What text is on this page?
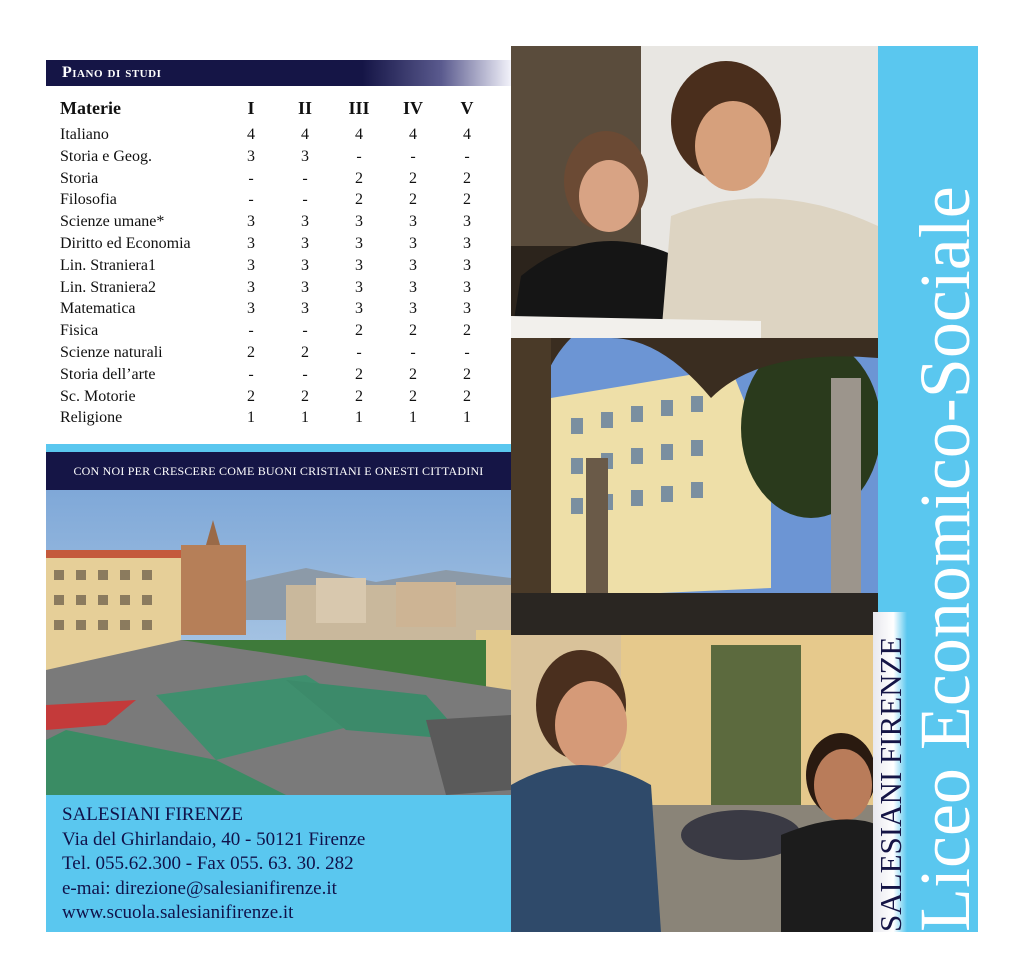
Piano di studi
Materie	I	II	III	IV	V
Italiano	4	4	4	4	4
Storia e Geog.	3	3	-	-	-
Storia	-	-	2	2	2
Filosofia	-	-	2	2	2
Scienze umane*	3	3	3	3	3
Diritto ed Economia	3	3	3	3	3
Lin. Straniera1	3	3	3	3	3
Lin. Straniera2	3	3	3	3	3
Matematica	3	3	3	3	3
Fisica	-	-	2	2	2
Scienze naturali	2	2	-	-	-
Storia dell’arte	-	-	2	2	2
Sc. Motorie	2	2	2	2	2
Religione	1	1	1	1	1
CON NOI PER CRESCERE COME BUONI CRISTIANI E ONESTI CITTADINI
SALESIANI FIRENZE
Via del Ghirlandaio, 40 - 50121 Firenze
Tel. 055.62.300 - Fax 055. 63. 30. 282
e-mai: direzione@salesianifirenze.it
www.scuola.salesianifirenze.it	SALESIANI FIRENZE
Liceo Economico-Sociale
